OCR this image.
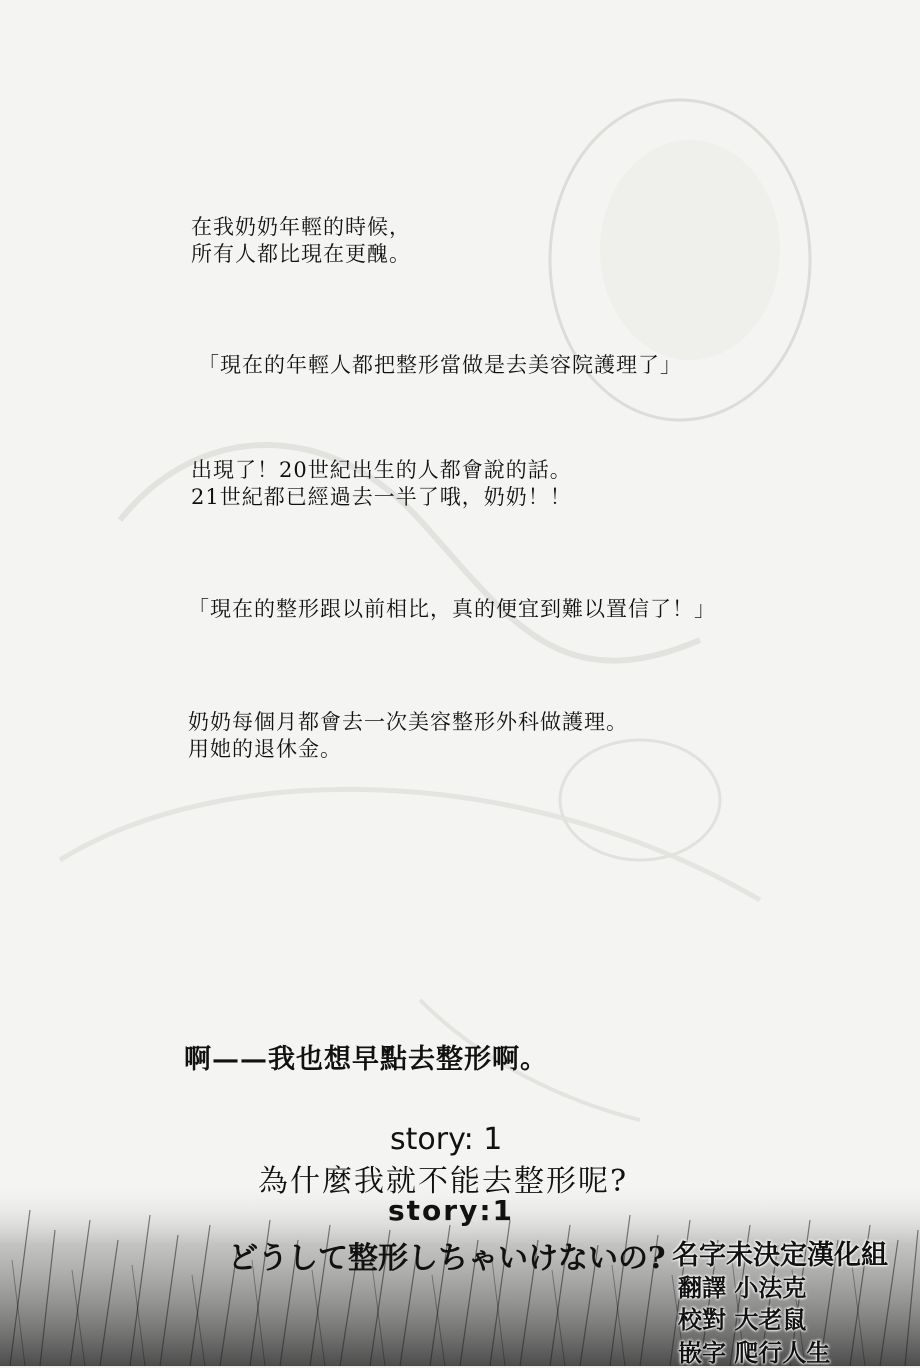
在我奶奶年輕的時候，
所有人都比現在更醜。
「現在的年輕人都把整形當做是去美容院護理了」
出現了！20世紀出生的人都會說的話。
21世紀都已經過去一半了哦，奶奶！！
「現在的整形跟以前相比，真的便宜到難以置信了！」
奶奶每個月都會去一次美容整形外科做護理。
用她的退休金。
啊——我也想早點去整形啊。
story: 1
為什麼我就不能去整形呢?
story:1
どうして整形しちゃいけないの? 名字未決定漢化組
翻譯 小法克
校對 大老鼠
嵌字 爬行人生
